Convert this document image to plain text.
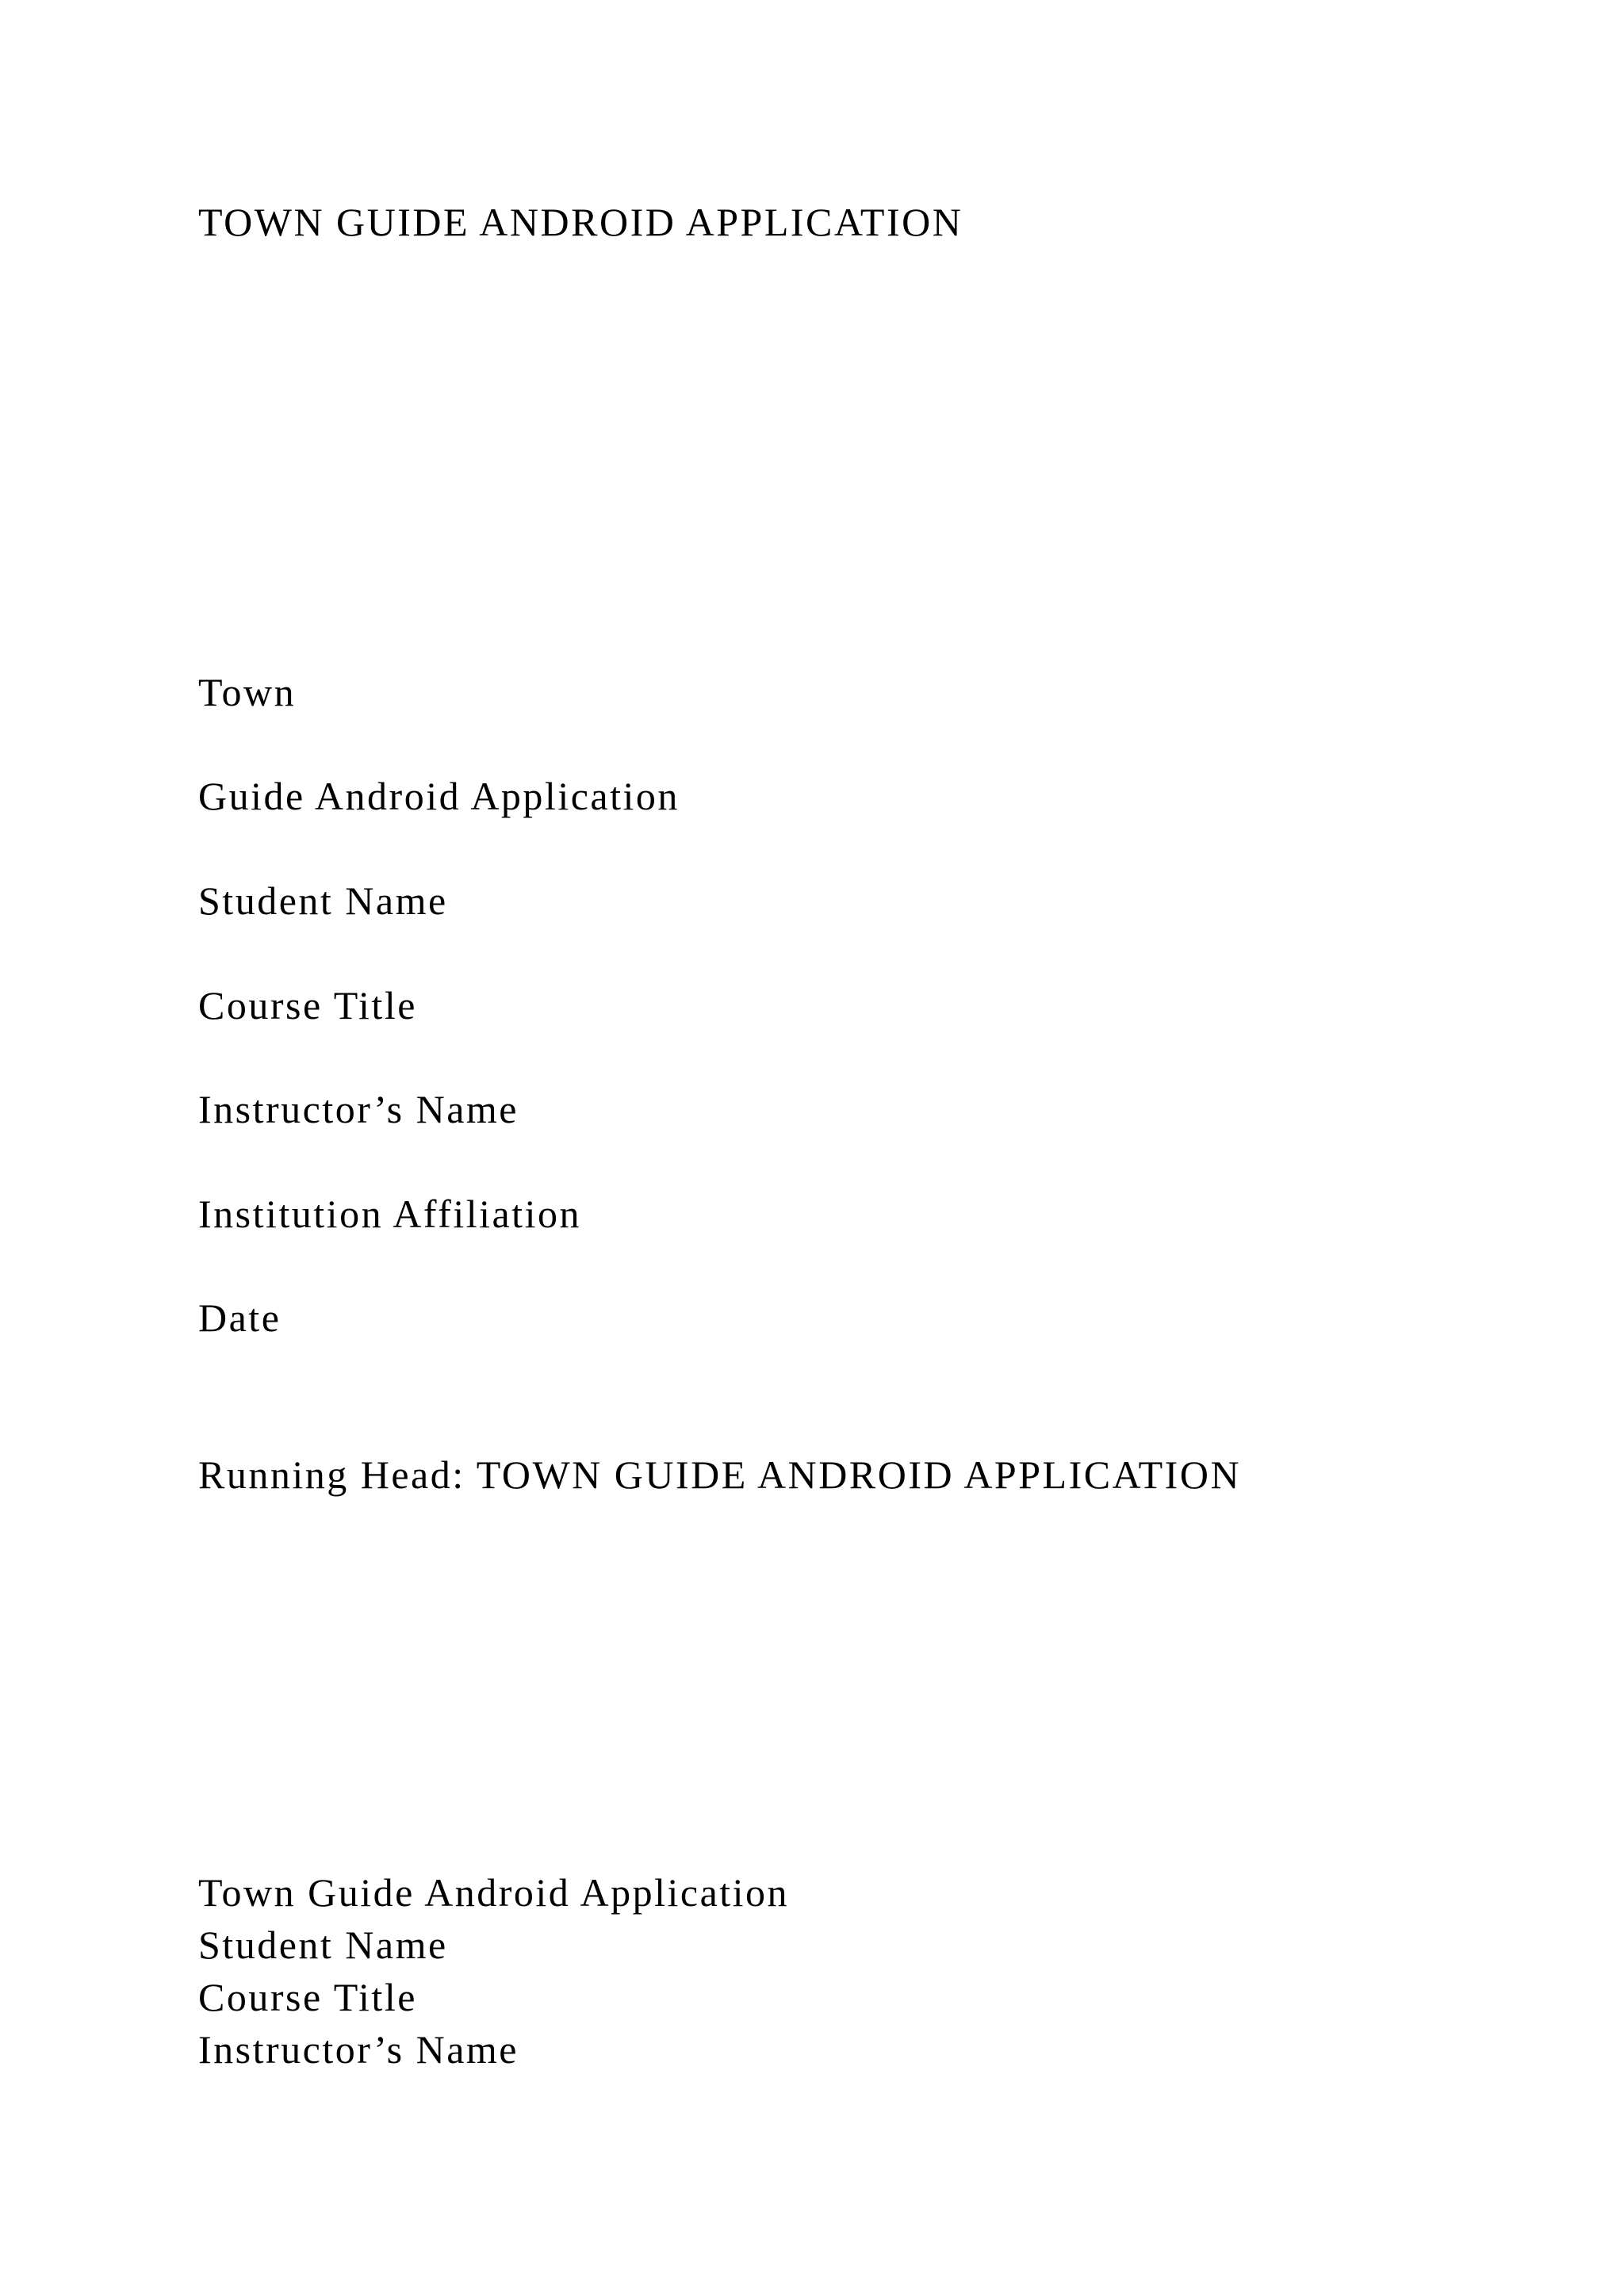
TOWN GUIDE ANDROID APPLICATION
Town
Guide Android Application
Student Name
Course Title
Instructor’s Name
Institution Affiliation
Date
Running Head: TOWN GUIDE ANDROID APPLICATION
Town Guide Android Application
Student Name
Course Title
Instructor’s Name
